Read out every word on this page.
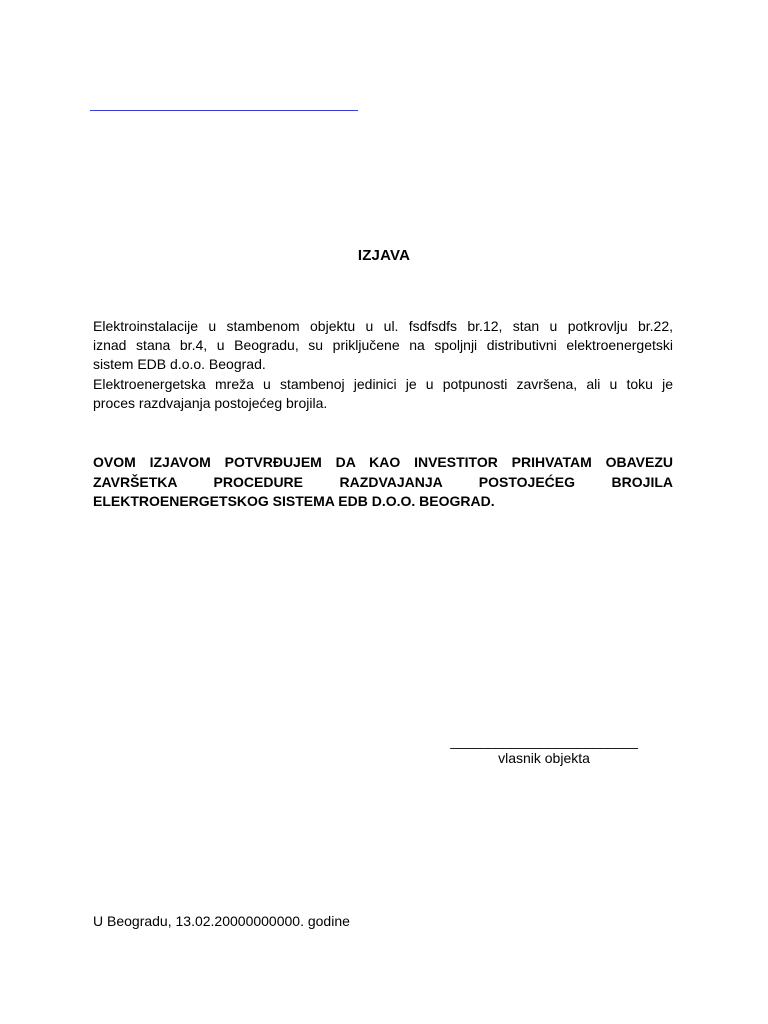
IZJAVA
Elektroinstalacije u stambenom objektu u ul. fsdfsdfs br.12, stan u potkrovlju br.22,
iznad stana br.4, u Beogradu, su priključene na spoljnji distributivni elektroenergetski
sistem EDB d.o.o. Beograd.
Elektroenergetska mreža u stambenoj jedinici je u potpunosti završena, ali u toku je
proces razdvajanja postojećeg brojila.
OVOM IZJAVOM POTVRĐUJEM DA KAO INVESTITOR PRIHVATAM OBAVEZU
ZAVRŠETKA PROCEDURE RAZDVAJANJA POSTOJEĆEG BROJILA
ELEKTROENERGETSKOG SISTEMA EDB D.O.O. BEOGRAD.
_________________________
vlasnik objekta
U Beogradu, 13.02.20000000000. godine
